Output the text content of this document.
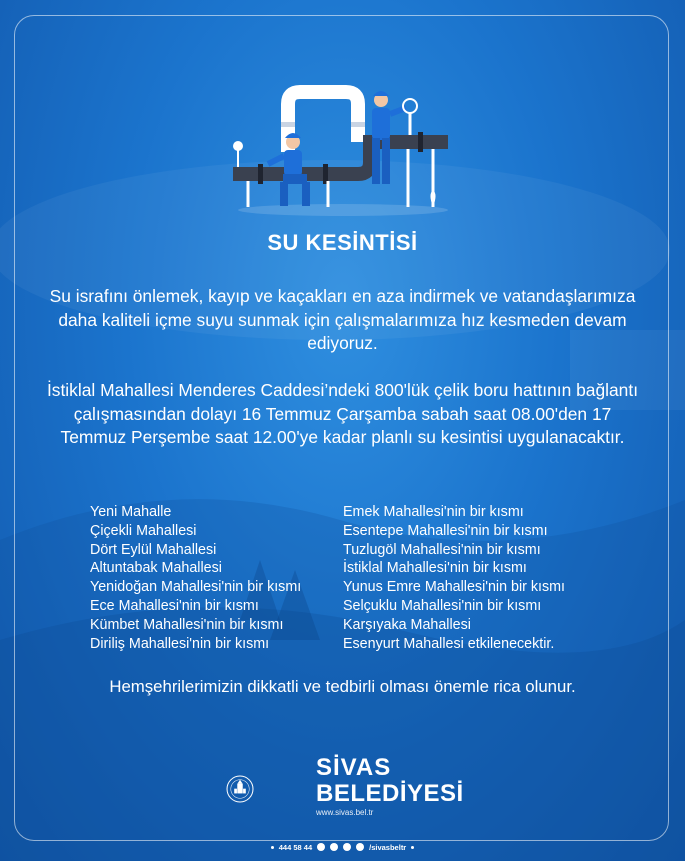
SU KESİNTİSİ

Su israfını önlemek, kayıp ve kaçakları en aza indirmek ve vatandaşlarımıza daha kaliteli içme suyu sunmak için çalışmalarımıza hız kesmeden devam ediyoruz.

İstiklal Mahallesi Menderes Caddesi’ndeki 800'lük çelik boru hattının bağlantı çalışmasından dolayı 16 Temmuz Çarşamba sabah saat 08.00'den 17 Temmuz Perşembe saat 12.00'ye kadar planlı su kesintisi uygulanacaktır.

Yeni Mahalle
Çiçekli Mahallesi
Dört Eylül Mahallesi
Altuntabak Mahallesi
Yenidoğan Mahallesi'nin bir kısmı
Ece Mahallesi'nin bir kısmı
Kümbet Mahallesi'nin bir kısmı
Diriliş Mahallesi'nin bir kısmı
Emek Mahallesi'nin bir kısmı
Esentepe Mahallesi'nin bir kısmı
Tuzlugöl Mahallesi'nin bir kısmı
İstiklal Mahallesi'nin bir kısmı
Yunus Emre Mahallesi'nin bir kısmı
Selçuklu Mahallesi'nin bir kısmı
Karşıyaka Mahallesi
Esenyurt Mahallesi etkilenecektir.
Hemşehrilerimizin dikkatli ve tedbirli olması önemle rica olunur.
SİVAS
BELEDİYESİ
www.sivas.bel.tr
444 58 44	/sivasbeltr
